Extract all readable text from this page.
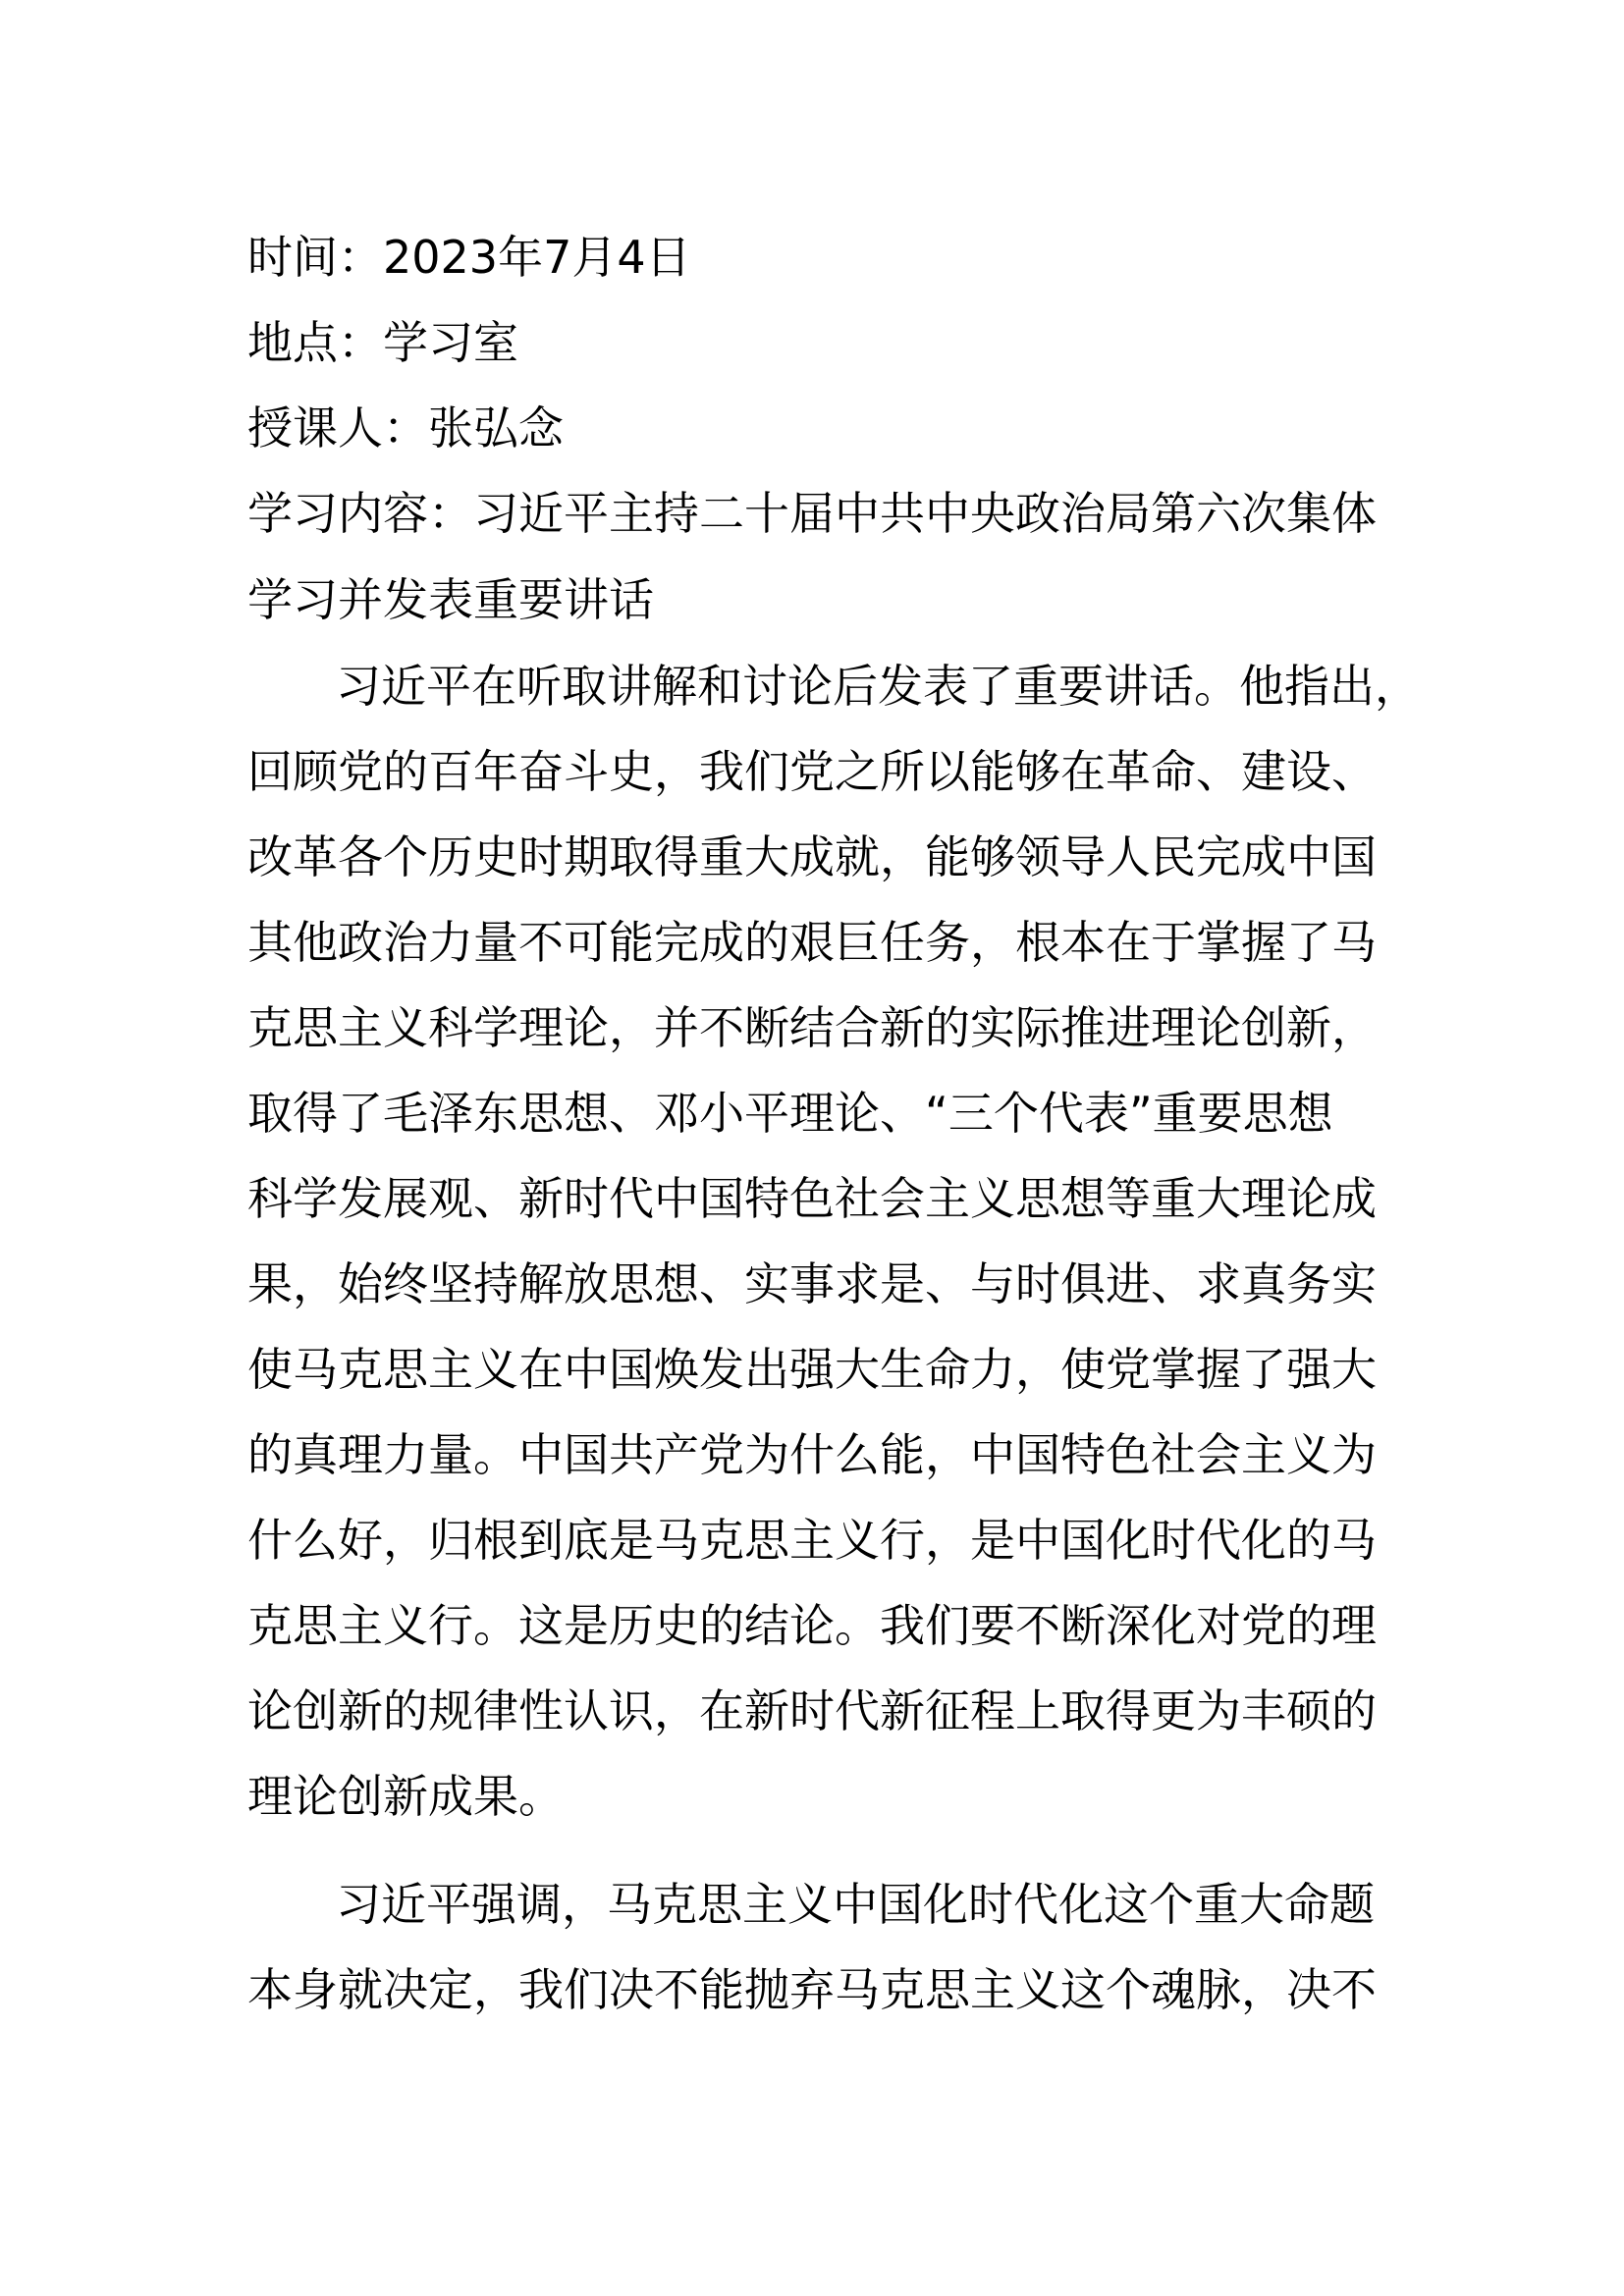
时间：2023年7月4日
地点：学习室
授课人：张弘念
学习内容：习近平主持二十届中共中央政治局第六次集体
学习并发表重要讲话
习近平在听取讲解和讨论后发表了重要讲话。他指出，
回顾党的百年奋斗史，我们党之所以能够在革命、建设、
改革各个历史时期取得重大成就，能够领导人民完成中国
其他政治力量不可能完成的艰巨任务，根本在于掌握了马
克思主义科学理论，并不断结合新的实际推进理论创新，
取得了毛泽东思想、邓小平理论、“三个代表”重要思想
科学发展观、新时代中国特色社会主义思想等重大理论成
果，始终坚持解放思想、实事求是、与时俱进、求真务实
使马克思主义在中国焕发出强大生命力，使党掌握了强大
的真理力量。中国共产党为什么能，中国特色社会主义为
什么好，归根到底是马克思主义行，是中国化时代化的马
克思主义行。这是历史的结论。我们要不断深化对党的理
论创新的规律性认识，在新时代新征程上取得更为丰硕的
理论创新成果。
习近平强调，马克思主义中国化时代化这个重大命题
本身就决定，我们决不能抛弃马克思主义这个魂脉，决不
